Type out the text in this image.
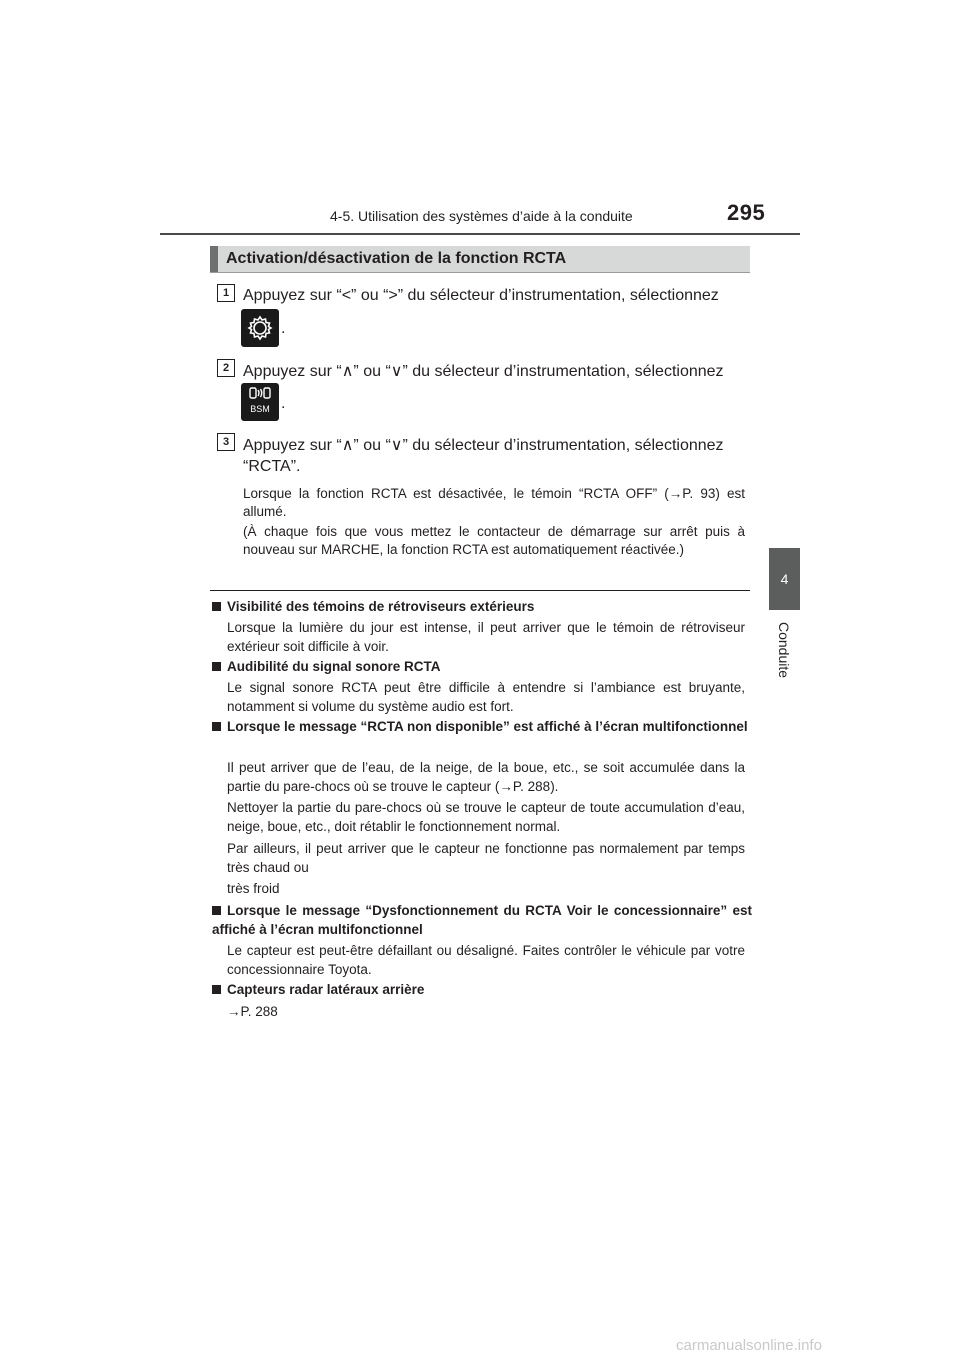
4-5. Utilisation des systèmes d’aide à la conduite	295
4
Conduite
Activation/désactivation de la fonction RCTA
1 Appuyez sur “<” ou “>” du sélecteur d’instrumentation, sélectionnez
.
2 Appuyez sur “∧” ou “∨” du sélecteur d’instrumentation, sélectionnez
BSM .
3 Appuyez sur “∧” ou “∨” du sélecteur d’instrumentation, sélectionnez
“RCTA”.
Lorsque la fonction RCTA est désactivée, le témoin “RCTA OFF” (→P. 93) est allumé.
(À chaque fois que vous mettez le contacteur de démarrage sur arrêt puis à nouveau sur MARCHE, la fonction RCTA est automatiquement réactivée.)
Visibilité des témoins de rétroviseurs extérieurs
Lorsque la lumière du jour est intense, il peut arriver que le témoin de rétroviseur extérieur soit difficile à voir.
Audibilité du signal sonore RCTA
Le signal sonore RCTA peut être difficile à entendre si l’ambiance est bruyante, notamment si volume du système audio est fort.
Lorsque le message “RCTA non disponible” est affiché à l’écran multifonctionnel
Il peut arriver que de l’eau, de la neige, de la boue, etc., se soit accumulée dans la partie du pare-chocs où se trouve le capteur (→P. 288).
Nettoyer la partie du pare-chocs où se trouve le capteur de toute accumulation d’eau, neige, boue, etc., doit rétablir le fonctionnement normal.
Par ailleurs, il peut arriver que le capteur ne fonctionne pas normalement par temps très chaud ou
très froid
Lorsque le message “Dysfonctionnement du RCTA Voir le concessionnaire” est affiché à l’écran multifonctionnel
Le capteur est peut-être défaillant ou désaligné. Faites contrôler le véhicule par votre concessionnaire Toyota.
Capteurs radar latéraux arrière
→P. 288
carmanualsonline.info
